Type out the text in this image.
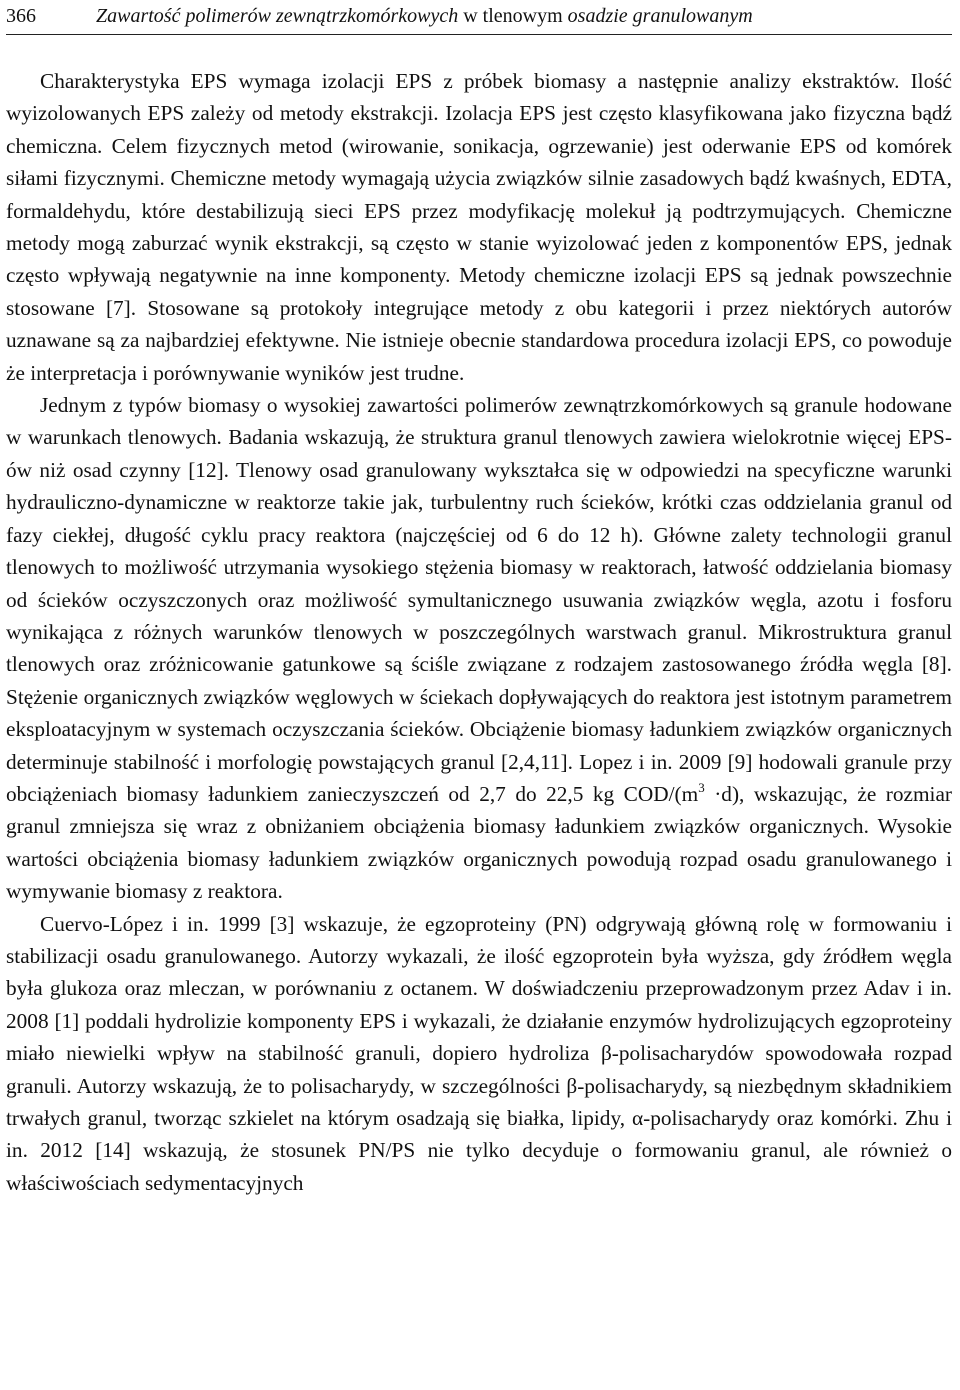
366	Zawartość polimerów zewnątrzkomórkowych w tlenowym osadzie granulowanym

Charakterystyka EPS wymaga izolacji EPS z próbek biomasy a następnie analizy ekstraktów. Ilość wyizolowanych EPS zależy od metody ekstrakcji. Izolacja EPS jest często klasyfikowana jako fizyczna bądź chemiczna. Celem fizycznych metod (wirowanie, sonikacja, ogrzewanie) jest oderwanie EPS od komórek siłami fizycznymi. Chemiczne metody wymagają użycia związków silnie zasadowych bądź kwaśnych, EDTA, formaldehydu, które destabilizują sieci EPS przez modyfikację molekuł ją podtrzymujących. Chemiczne metody mogą zaburzać wynik ekstrakcji, są często w stanie wyizolować jeden z komponentów EPS, jednak często wpływają negatywnie na inne komponenty. Metody chemiczne izolacji EPS są jednak powszechnie stosowane [7]. Stosowane są protokoły integrujące metody z obu kategorii i przez niektórych autorów uznawane są za najbardziej efektywne. Nie istnieje obecnie standardowa procedura izolacji EPS, co powoduje że interpretacja i porównywanie wyników jest trudne.

Jednym z typów biomasy o wysokiej zawartości polimerów zewnątrzkomórkowych są granule hodowane w warunkach tlenowych. Badania wskazują, że struktura granul tlenowych zawiera wielokrotnie więcej EPS-ów niż osad czynny [12]. Tlenowy osad granulowany wykształca się w odpowiedzi na specyficzne warunki hydrauliczno-dynamiczne w reaktorze takie jak, turbulentny ruch ścieków, krótki czas oddzielania granul od fazy ciekłej, długość cyklu pracy reaktora (najczęściej od 6 do 12 h). Główne zalety technologii granul tlenowych to możliwość utrzymania wysokiego stężenia biomasy w reaktorach, łatwość oddzielania biomasy od ścieków oczyszczonych oraz możliwość symultanicznego usuwania związków węgla, azotu i fosforu wynikająca z różnych warunków tlenowych w poszczególnych warstwach granul. Mikrostruktura granul tlenowych oraz zróżnicowanie gatunkowe są ściśle związane z rodzajem zastosowanego źródła węgla [8]. Stężenie organicznych związków węglowych w ściekach dopływających do reaktora jest istotnym parametrem eksploatacyjnym w systemach oczyszczania ścieków. Obciążenie biomasy ładunkiem związków organicznych determinuje stabilność i morfologię powstających granul [2,4,11]. Lopez i in. 2009 [9] hodowali granule przy obciążeniach biomasy ładunkiem zanieczyszczeń od 2,7 do 22,5 kg COD/$(m^3 \cdot d)$, wskazując, że rozmiar granul zmniejsza się wraz z obniżaniem obciążenia biomasy ładunkiem związków organicznych. Wysokie wartości obciążenia biomasy ładunkiem związków organicznych powodują rozpad osadu granulowanego i wymywanie biomasy z reaktora.

Cuervo-López i in. 1999 [3] wskazuje, że egzoproteiny (PN) odgrywają główną rolę w formowaniu i stabilizacji osadu granulowanego. Autorzy wykazali, że ilość egzoprotein była wyższa, gdy źródłem węgla była glukoza oraz mleczan, w porównaniu z octanem. W doświadczeniu przeprowadzonym przez Adav i in. 2008 [1] poddali hydrolizie komponenty EPS i wykazali, że działanie enzymów hydrolizujących egzoproteiny miało niewielki wpływ na stabilność granuli, dopiero hydroliza β-polisacharydów spowodowała rozpad granuli. Autorzy wskazują, że to polisacharydy, w szczególności β-polisacharydy, są niezbędnym składnikiem trwałych granul, tworząc szkielet na którym osadzają się białka, lipidy, α-polisacharydy oraz komórki. Zhu i in. 2012 [14] wskazują, że stosunek PN/PS nie tylko decyduje o formowaniu granul, ale również o właściwościach sedymentacyjnych
